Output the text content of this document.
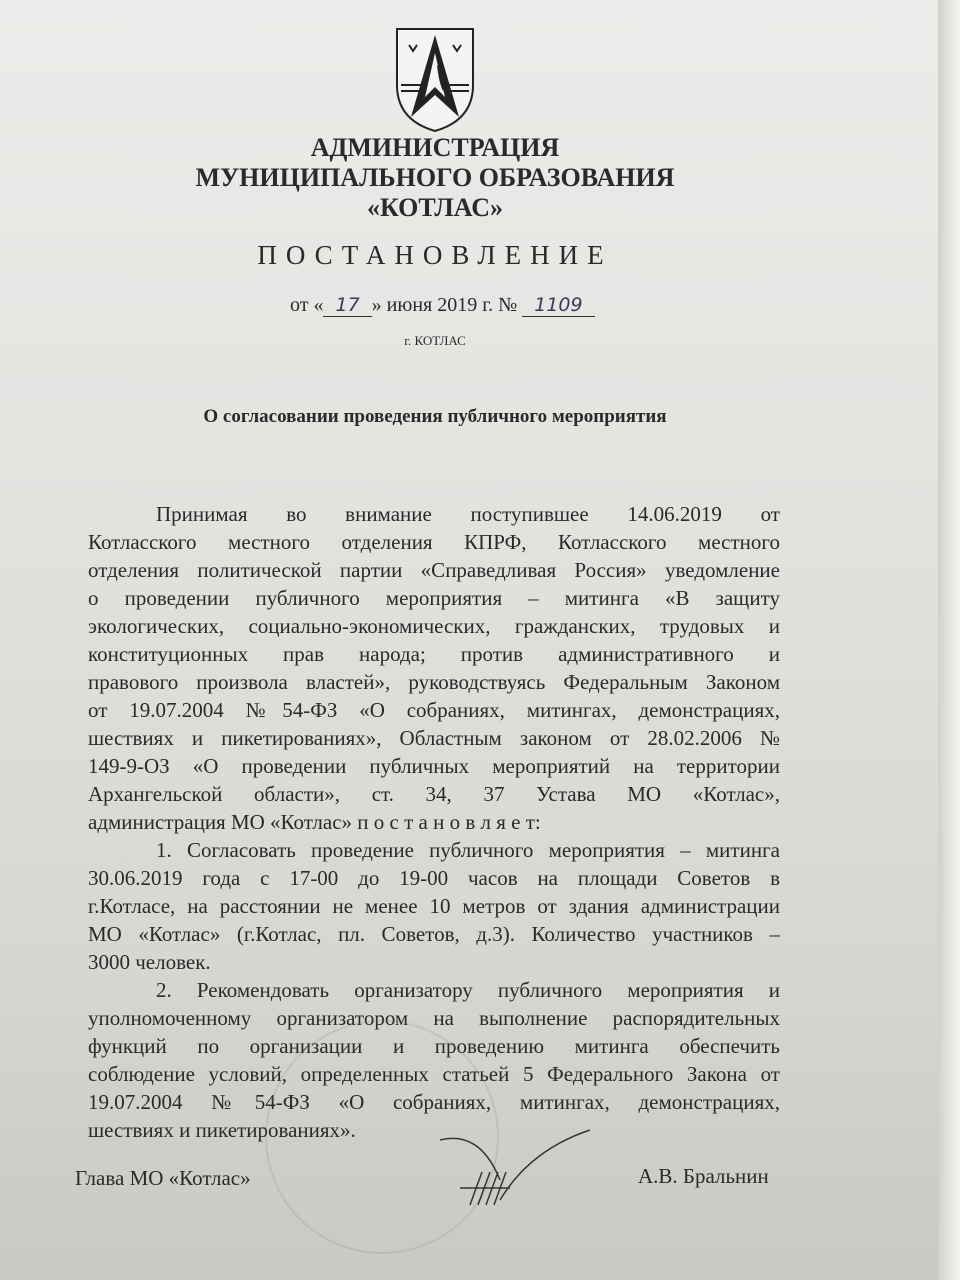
АДМИНИСТРАЦИЯ
МУНИЦИПАЛЬНОГО ОБРАЗОВАНИЯ
«КОТЛАС»
ПОСТАНОВЛЕНИЕ
от « 17 » июня 2019 г. № 1109
г. КОТЛАС
О согласовании проведения публичного мероприятия
Принимая во внимание поступившее 14.06.2019 от
Котласского местного отделения КПРФ, Котласского местного
отделения политической партии «Справедливая Россия» уведомление
о проведении публичного мероприятия – митинга «В защиту
экологических, социально-экономических, гражданских, трудовых и
конституционных прав народа; против административного и
правового произвола властей», руководствуясь Федеральным Законом
от 19.07.2004 №54-ФЗ «О собраниях, митингах, демонстрациях,
шествиях и пикетированиях», Областным законом от 28.02.2006 №
149-9-ОЗ «О проведении публичных мероприятий на территории
Архангельской области», ст. 34, 37 Устава МО «Котлас»,
администрация МО «Котлас» п о с т а н о в л я е т:
1. Согласовать проведение публичного мероприятия – митинга
30.06.2019 года с 17-00 до 19-00 часов на площади Советов в
г.Котласе, на расстоянии не менее 10 метров от здания администрации
МО «Котлас» (г.Котлас, пл. Советов, д.3). Количество участников –
3000 человек.
2. Рекомендовать организатору публичного мероприятия и
уполномоченному организатором на выполнение распорядительных
функций по организации и проведению митинга обеспечить
соблюдение условий, определенных статьей 5 Федерального Закона от
19.07.2004 №54-ФЗ «О собраниях, митингах, демонстрациях,
шествиях и пикетированиях».
Глава МО «Котлас»	А.В. Бральнин
